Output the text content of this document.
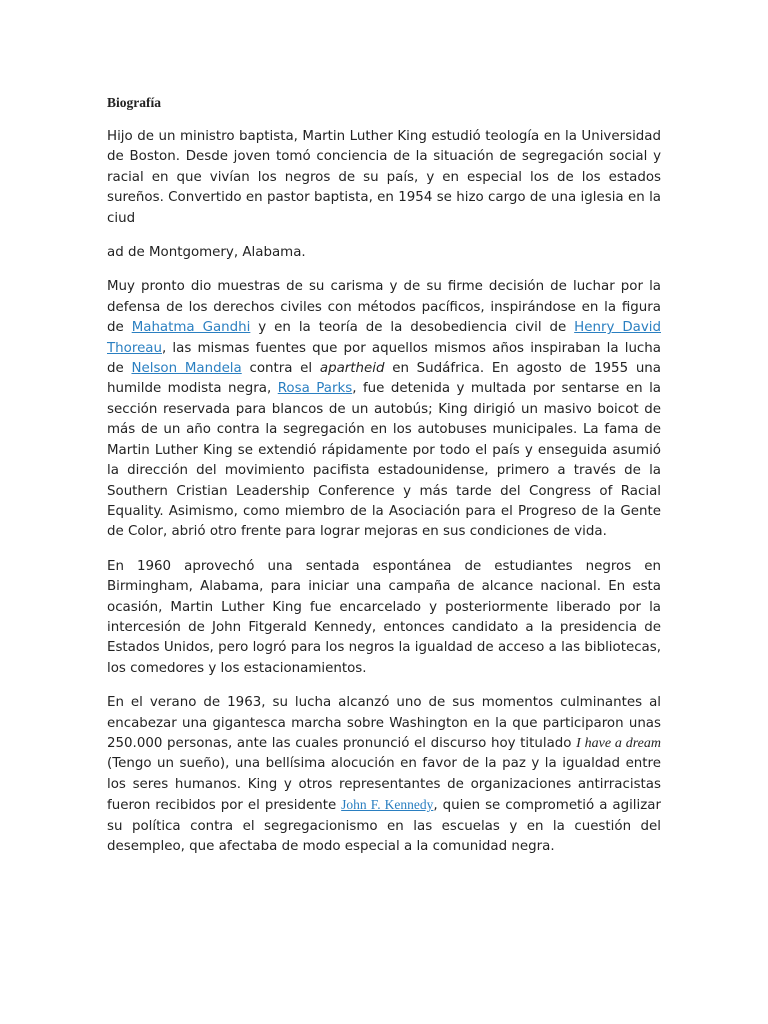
Biografía

Hijo de un ministro baptista, Martin Luther King estudió teología en la Universidad de Boston. Desde joven tomó conciencia de la situación de segregación social y racial en que vivían los negros de su país, y en especial los de los estados sureños. Convertido en pastor baptista, en 1954 se hizo cargo de una iglesia en la ciud

ad de Montgomery, Alabama.

Muy pronto dio muestras de su carisma y de su firme decisión de luchar por la defensa de los derechos civiles con métodos pacíficos, inspirándose en la figura de Mahatma Gandhi y en la teoría de la desobediencia civil de Henry David Thoreau, las mismas fuentes que por aquellos mismos años inspiraban la lucha de Nelson Mandela contra el apartheid en Sudáfrica. En agosto de 1955 una humilde modista negra, Rosa Parks, fue detenida y multada por sentarse en la sección reservada para blancos de un autobús; King dirigió un masivo boicot de más de un año contra la segregación en los autobuses municipales. La fama de Martin Luther King se extendió rápidamente por todo el país y enseguida asumió la dirección del movimiento pacifista estadounidense, primero a través de la Southern Cristian Leadership Conference y más tarde del Congress of Racial Equality. Asimismo, como miembro de la Asociación para el Progreso de la Gente de Color, abrió otro frente para lograr mejoras en sus condiciones de vida.

En 1960 aprovechó una sentada espontánea de estudiantes negros en Birmingham, Alabama, para iniciar una campaña de alcance nacional. En esta ocasión, Martin Luther King fue encarcelado y posteriormente liberado por la intercesión de John Fitgerald Kennedy, entonces candidato a la presidencia de Estados Unidos, pero logró para los negros la igualdad de acceso a las bibliotecas, los comedores y los estacionamientos.

En el verano de 1963, su lucha alcanzó uno de sus momentos culminantes al encabezar una gigantesca marcha sobre Washington en la que participaron unas 250.000 personas, ante las cuales pronunció el discurso hoy titulado I have a dream (Tengo un sueño), una bellísima alocución en favor de la paz y la igualdad entre los seres humanos. King y otros representantes de organizaciones antirracistas fueron recibidos por el presidente John F. Kennedy, quien se comprometió a agilizar su política contra el segregacionismo en las escuelas y en la cuestión del desempleo, que afectaba de modo especial a la comunidad negra.
